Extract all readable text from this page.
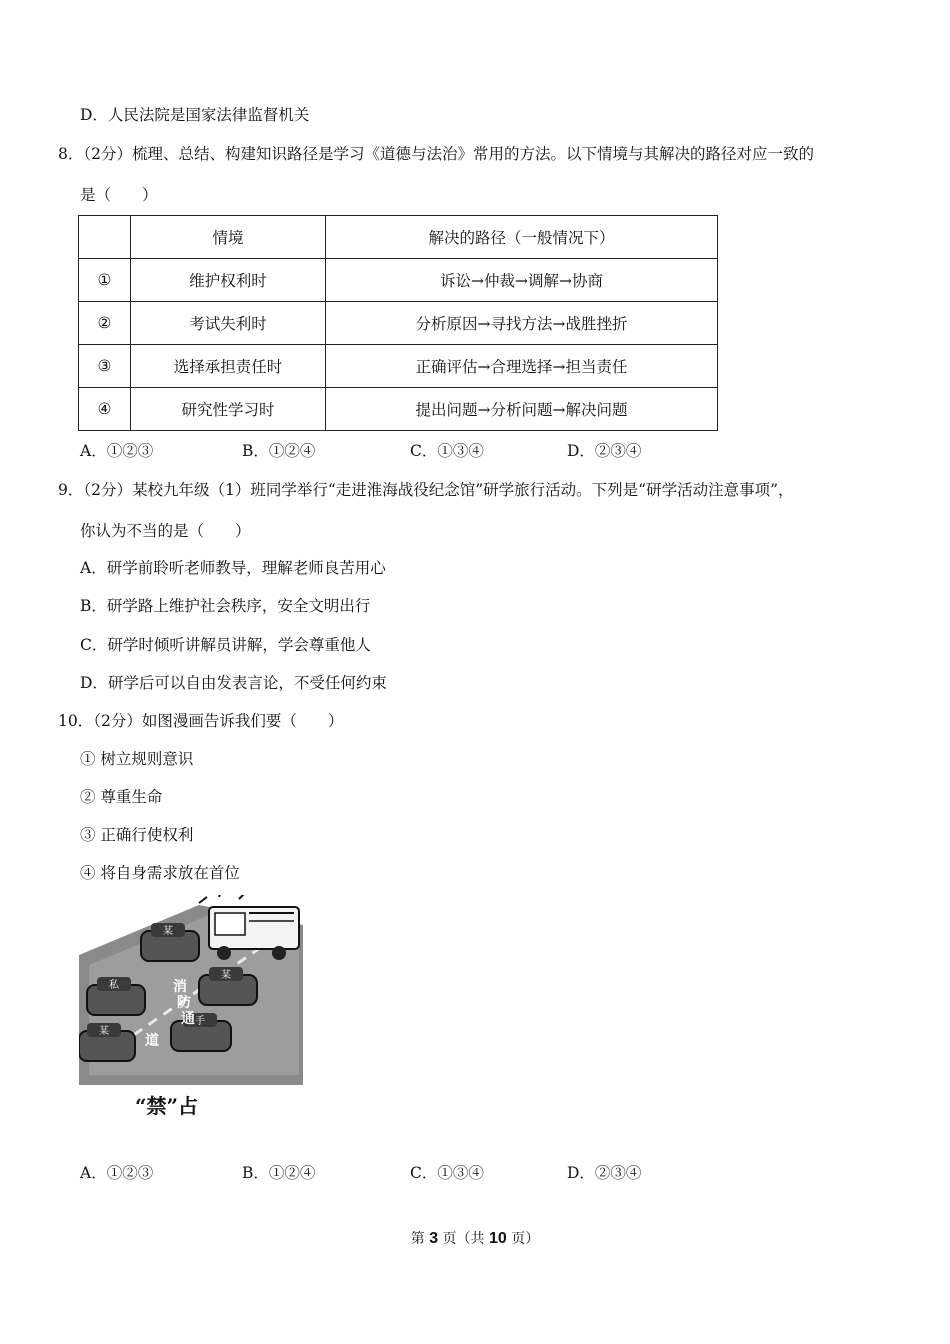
D．人民法院是国家法律监督机关
8．（2分）梳理、总结、构建知识路径是学习《道德与法治》常用的方法。以下情境与其解决的路径对应一致的
是（　　）
	情境	解决的路径（一般情况下）
①	维护权利时	诉讼→仲裁→调解→协商
②	考试失利时	分析原因→寻找方法→战胜挫折
③	选择承担责任时	正确评估→合理选择→担当责任
④	研究性学习时	提出问题→分析问题→解决问题
A．①②③	B．①②④	C．①③④	D．②③④
9．（2分）某校九年级（1）班同学举行“走进淮海战役纪念馆”研学旅行活动。下列是“研学活动注意事项”，
你认为不当的是（　　）
A．研学前聆听老师教导，理解老师良苦用心
B．研学路上维护社会秩序，安全文明出行
C．研学时倾听讲解员讲解，学会尊重他人
D．研学后可以自由发表言论，不受任何约束
10．（2分）如图漫画告诉我们要（　　）
① 树立规则意识
② 尊重生命
③ 正确行使权利
④ 将自身需求放在首位
某
私
某
某
手
消
防
通
道
“禁”占
A．①②③	B．①②④	C．①③④	D．②③④
第 3 页（共 10 页）
